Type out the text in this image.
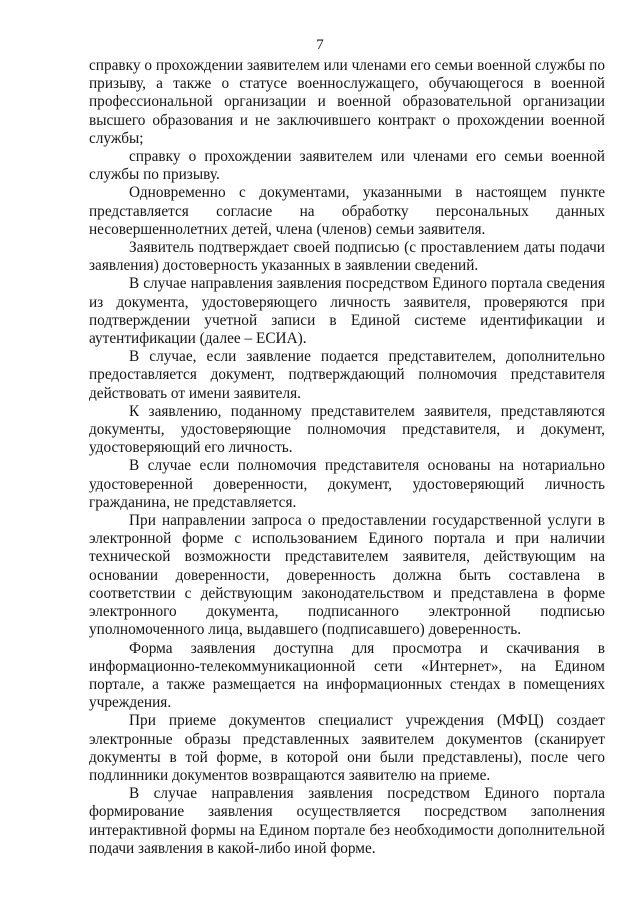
7

справку о прохождении заявителем или членами его семьи военной службы по призыву, а также о статусе военнослужащего, обучающегося в военной профессиональной организации и военной образовательной организации высшего образования и не заключившего контракт о прохождении военной службы;

справку о прохождении заявителем или членами его семьи военной службы по призыву.

Одновременно с документами, указанными в настоящем пункте представляется согласие на обработку персональных данных несовершеннолетних детей, члена (членов) семьи заявителя.

Заявитель подтверждает своей подписью (с проставлением даты подачи заявления) достоверность указанных в заявлении сведений.

В случае направления заявления посредством Единого портала сведения из документа, удостоверяющего личность заявителя, проверяются при подтверждении учетной записи в Единой системе идентификации и аутентификации (далее – ЕСИА).

В случае, если заявление подается представителем, дополнительно предоставляется документ, подтверждающий полномочия представителя действовать от имени заявителя.

К заявлению, поданному представителем заявителя, представляются документы, удостоверяющие полномочия представителя, и документ, удостоверяющий его личность.

В случае если полномочия представителя основаны на нотариально удостоверенной доверенности, документ, удостоверяющий личность гражданина, не представляется.

При направлении запроса о предоставлении государственной услуги в электронной форме с использованием Единого портала и при наличии технической возможности представителем заявителя, действующим на основании доверенности, доверенность должна быть составлена в соответствии с действующим законодательством и представлена в форме электронного документа, подписанного электронной подписью уполномоченного лица, выдавшего (подписавшего) доверенность.

Форма заявления доступна для просмотра и скачивания в информационно-телекоммуникационной сети «Интернет», на Едином портале, а также размещается на информационных стендах в помещениях учреждения.

При приеме документов специалист учреждения (МФЦ) создает электронные образы представленных заявителем документов (сканирует документы в той форме, в которой они были представлены), после чего подлинники документов возвращаются заявителю на приеме.

В случае направления заявления посредством Единого портала формирование заявления осуществляется посредством заполнения интерактивной формы на Едином портале без необходимости дополнительной подачи заявления в какой-либо иной форме.
